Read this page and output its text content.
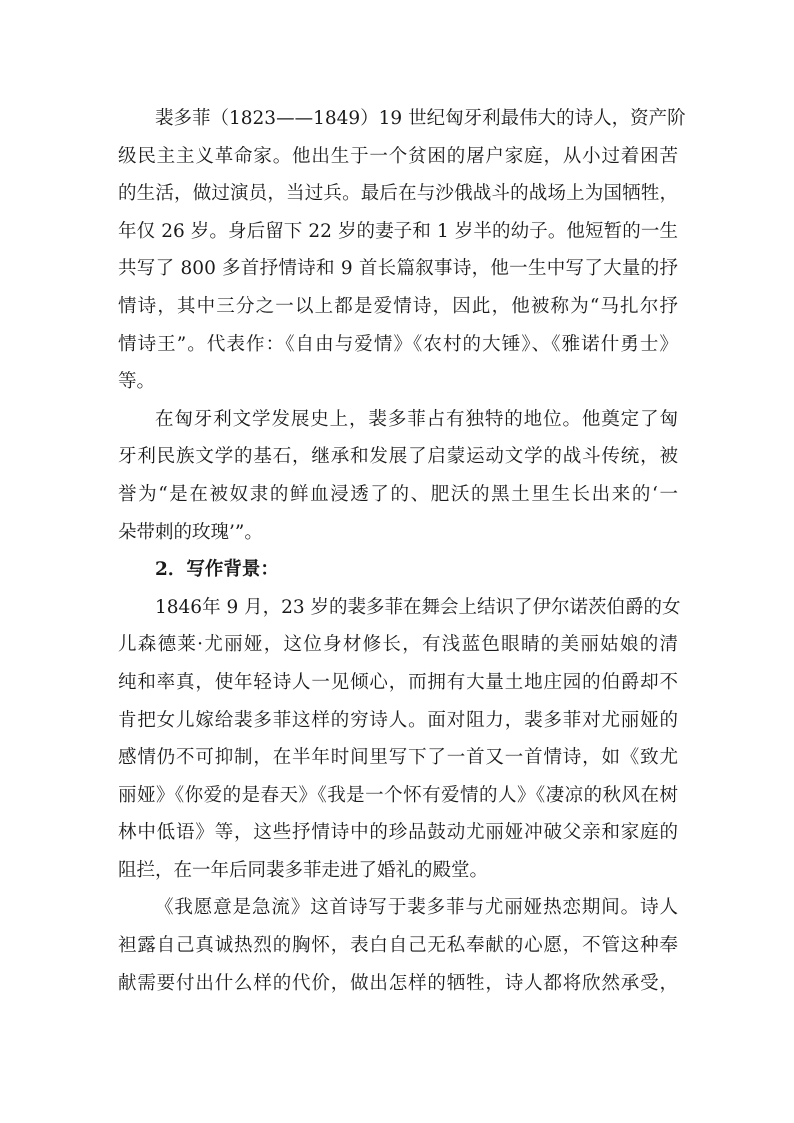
裴多菲（1823——1849）19 世纪匈牙利最伟大的诗人，资产阶
级民主主义革命家。他出生于一个贫困的屠户家庭，从小过着困苦
的生活，做过演员，当过兵。最后在与沙俄战斗的战场上为国牺牲，
年仅 26 岁。身后留下 22 岁的妻子和 1 岁半的幼子。他短暂的一生
共写了 800 多首抒情诗和 9 首长篇叙事诗，他一生中写了大量的抒
情诗，其中三分之一以上都是爱情诗，因此，他被称为“马扎尔抒
情诗王”。代表作：《自由与爱情》《农村的大锤》、《雅诺什勇士》
等。
在匈牙利文学发展史上，裴多菲占有独特的地位。他奠定了匈
牙利民族文学的基石，继承和发展了启蒙运动文学的战斗传统，被
誉为“是在被奴隶的鲜血浸透了的、肥沃的黑土里生长出来的‘一
朵带刺的玫瑰’”。
2．写作背景：
1846年 9 月，23 岁的裴多菲在舞会上结识了伊尔诺茨伯爵的女
儿森德莱·尤丽娅，这位身材修长，有浅蓝色眼睛的美丽姑娘的清
纯和率真，使年轻诗人一见倾心，而拥有大量土地庄园的伯爵却不
肯把女儿嫁给裴多菲这样的穷诗人。面对阻力，裴多菲对尤丽娅的
感情仍不可抑制，在半年时间里写下了一首又一首情诗，如《致尤
丽娅》《你爱的是春天》《我是一个怀有爱情的人》《凄凉的秋风在树
林中低语》等，这些抒情诗中的珍品鼓动尤丽娅冲破父亲和家庭的
阻拦，在一年后同裴多菲走进了婚礼的殿堂。
《我愿意是急流》这首诗写于裴多菲与尤丽娅热恋期间。诗人
袒露自己真诚热烈的胸怀，表白自己无私奉献的心愿，不管这种奉
献需要付出什么样的代价，做出怎样的牺牲，诗人都将欣然承受，
